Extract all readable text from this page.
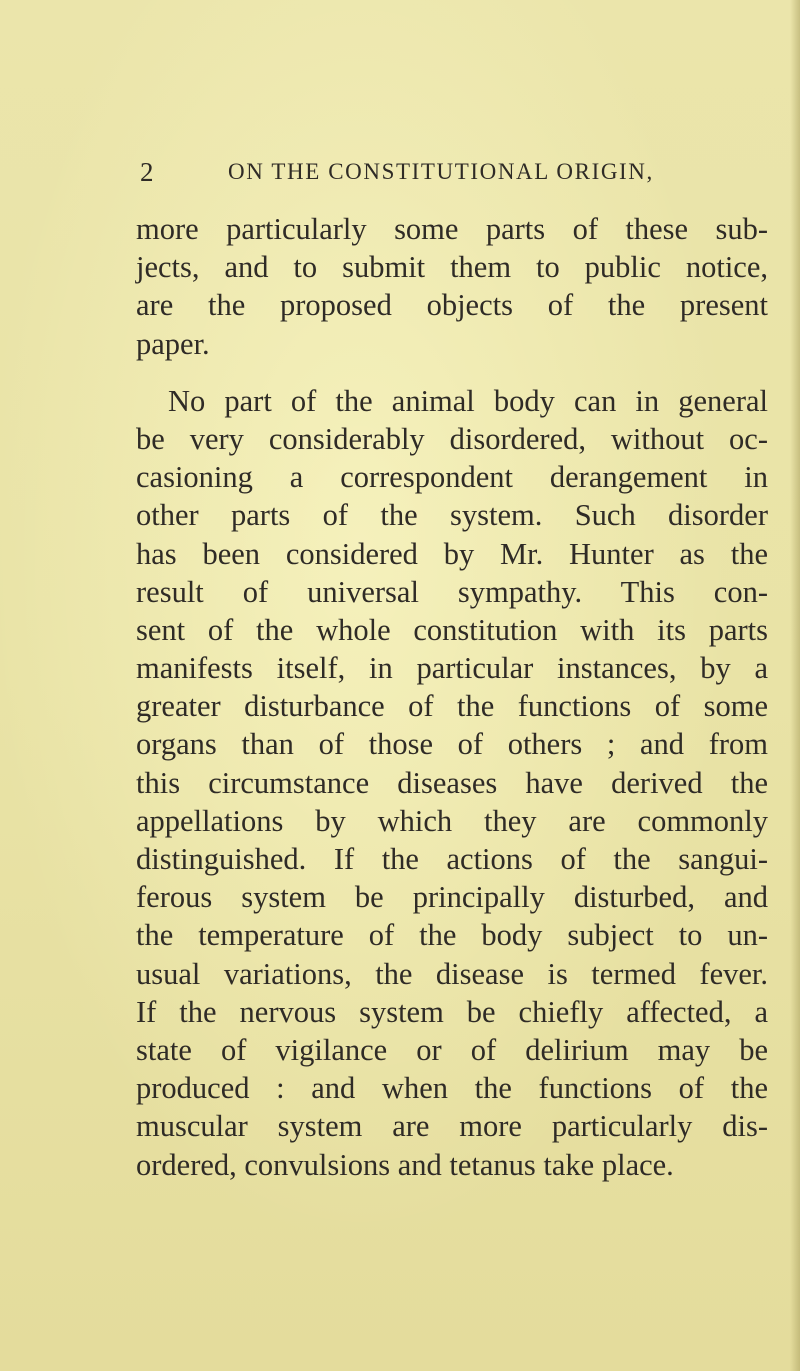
2	ON THE CONSTITUTIONAL ORIGIN,
more particularly some parts of these sub-
jects, and to submit them to public notice,
are the proposed objects of the present
paper.
No part of the animal body can in general
be very considerably disordered, without oc-
casioning a correspondent derangement in
other parts of the system. Such disorder
has been considered by Mr. Hunter as the
result of universal sympathy. This con-
sent of the whole constitution with its parts
manifests itself, in particular instances, by a
greater disturbance of the functions of some
organs than of those of others ; and from
this circumstance diseases have derived the
appellations by which they are commonly
distinguished. If the actions of the sangui-
ferous system be principally disturbed, and
the temperature of the body subject to un-
usual variations, the disease is termed fever.
If the nervous system be chiefly affected, a
state of vigilance or of delirium may be
produced : and when the functions of the
muscular system are more particularly dis-
ordered, convulsions and tetanus take place.
